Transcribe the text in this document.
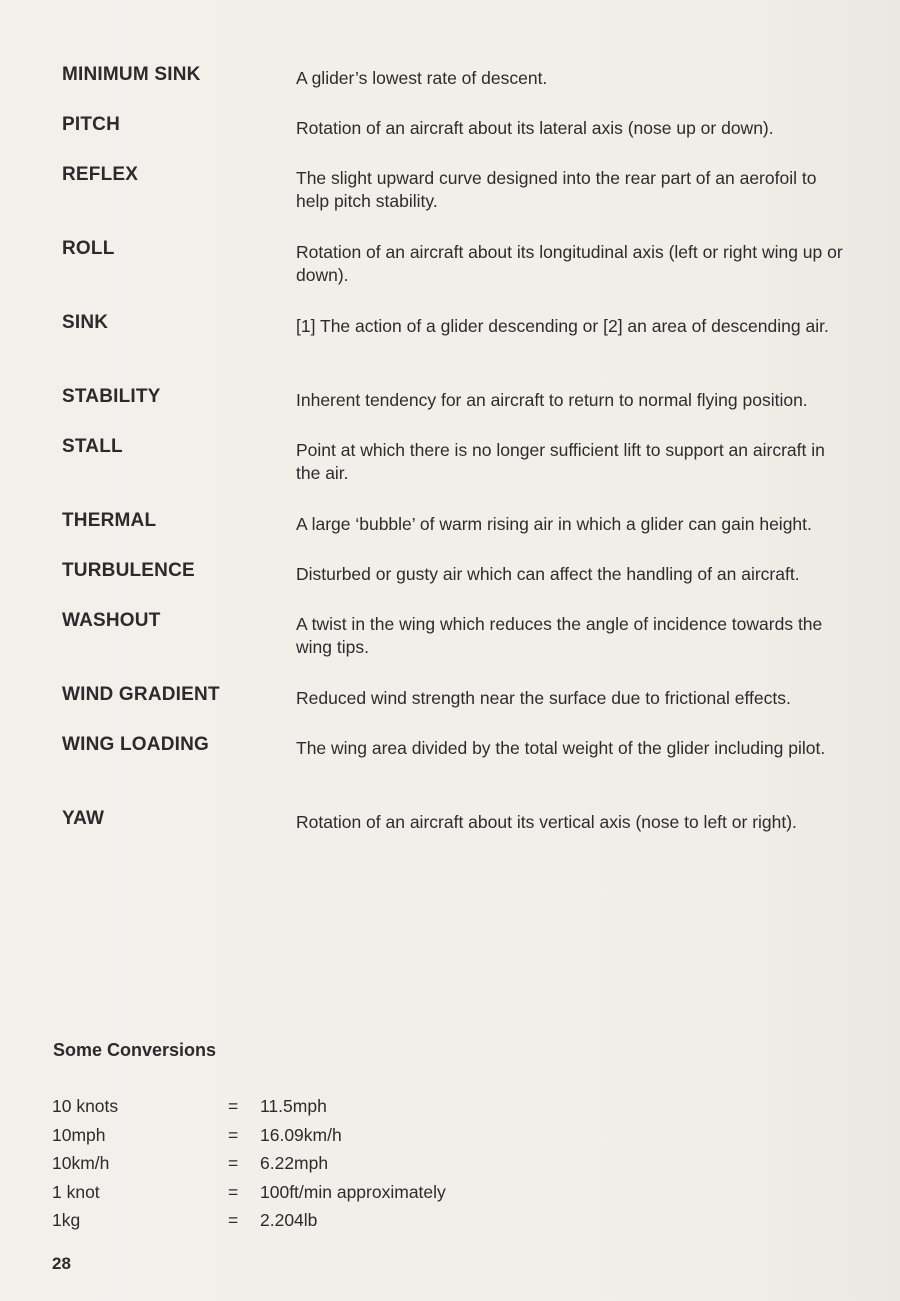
MINIMUM SINK	A glider’s lowest rate of descent.
PITCH	Rotation of an aircraft about its lateral axis (nose up or down).
REFLEX	The slight upward curve designed into the rear part of an aerofoil to help pitch stability.
ROLL	Rotation of an aircraft about its longitudinal axis (left or right wing up or down).
SINK	[1] The action of a glider descending or [2] an area of descending air.
STABILITY	Inherent tendency for an aircraft to return to normal flying position.
STALL	Point at which there is no longer sufficient lift to support an aircraft in the air.
THERMAL	A large ‘bubble’ of warm rising air in which a glider can gain height.
TURBULENCE	Disturbed or gusty air which can affect the handling of an aircraft.
WASHOUT	A twist in the wing which reduces the angle of incidence towards the wing tips.
WIND GRADIENT	Reduced wind strength near the surface due to frictional effects.
WING LOADING	The wing area divided by the total weight of the glider including pilot.
YAW	Rotation of an aircraft about its vertical axis (nose to left or right).
Some Conversions
10 knots	= 11.5mph
10mph	= 16.09km/h
10km/h	= 6.22mph
1 knot	= 100ft/min approximately
1kg	= 2.204lb
28
